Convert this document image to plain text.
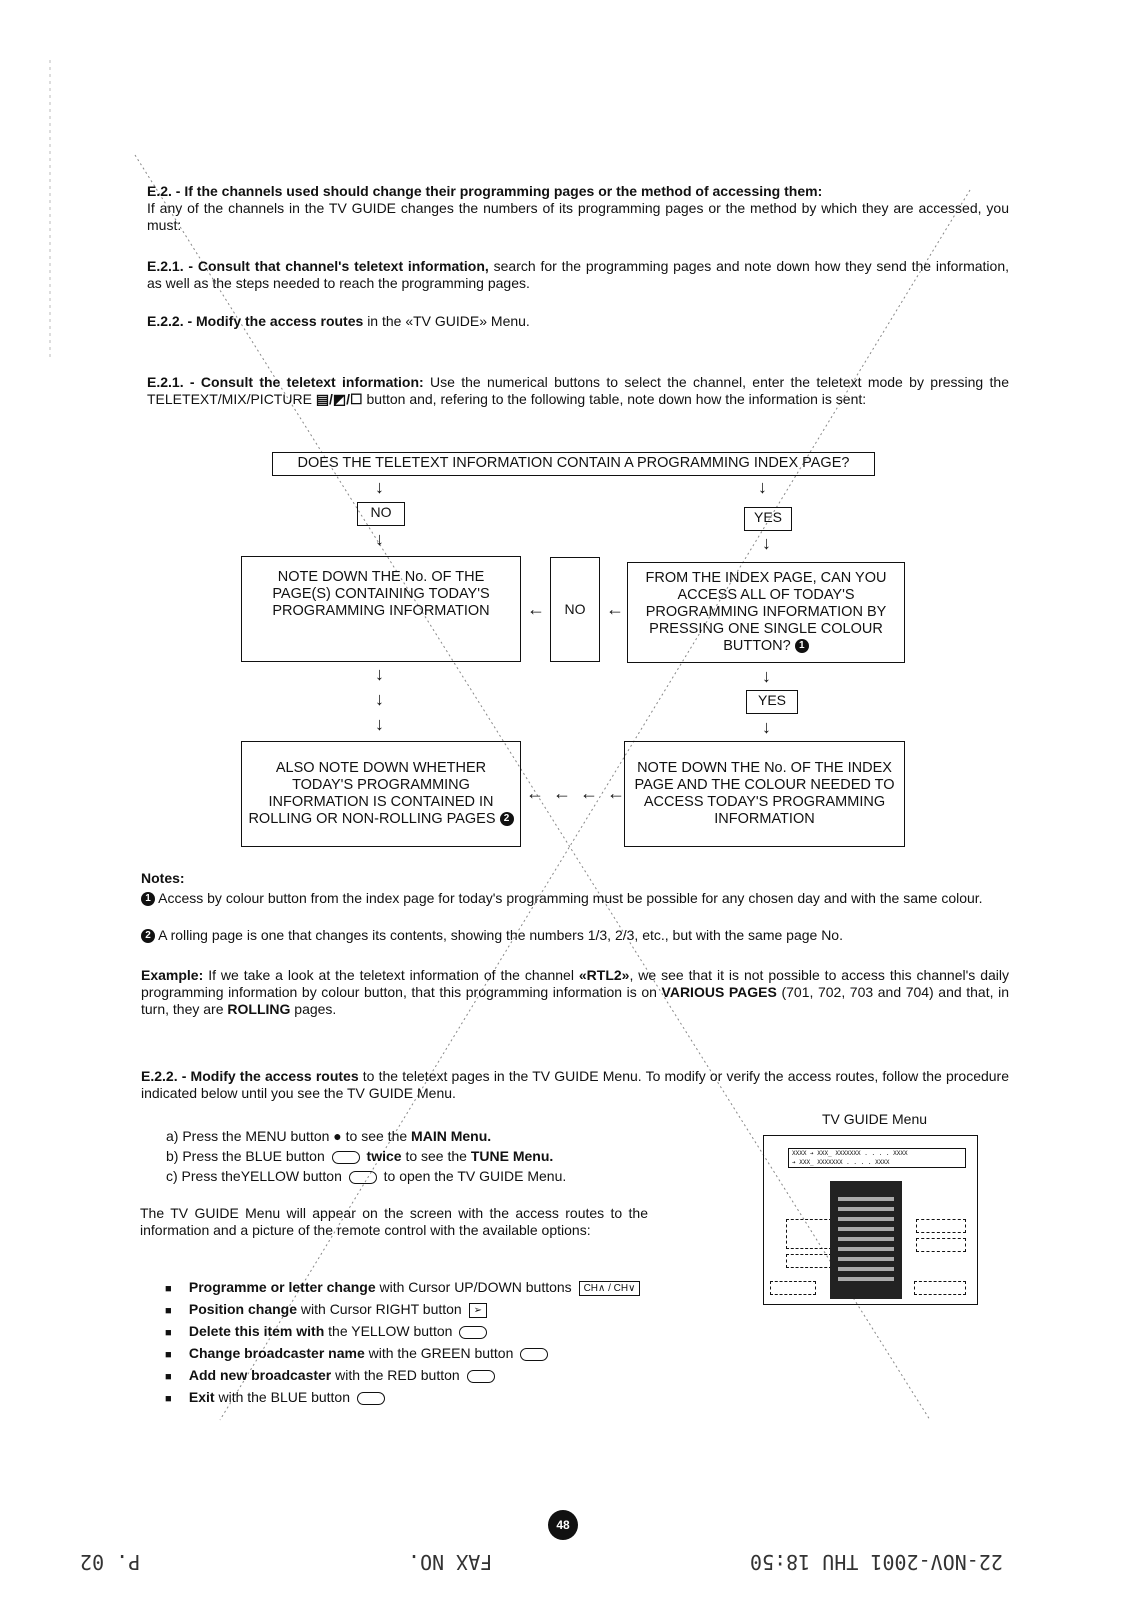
E.2. - If the channels used should change their programming pages or the method of accessing them:
If any of the channels in the TV GUIDE changes the numbers of its programming pages or the method by which they are accessed, you must:
E.2.1. - Consult that channel's teletext information, search for the programming pages and note down how they send the information, as well as the steps needed to reach the programming pages.
E.2.2. - Modify the access routes in the «TV GUIDE» Menu.
E.2.1. - Consult the teletext information: Use the numerical buttons to select the channel, enter the teletext mode by pressing the TELETEXT/MIX/PICTURE ▤/◩/☐ button and, refering to the following table, note down how the information is sent:
DOES THE TELETEXT INFORMATION CONTAIN A PROGRAMMING INDEX PAGE?
↓	↓
NO	YES
↓	↓
NOTE DOWN THE No. OF THE PAGE(S) CONTAINING TODAY'S PROGRAMMING INFORMATION	←	NO	←
FROM THE INDEX PAGE, CAN YOU ACCESS ALL OF TODAY'S PROGRAMMING INFORMATION BY PRESSING ONE SINGLE COLOUR BUTTON? 1
↓
↓
↓
↓
YES
↓
ALSO NOTE DOWN WHETHER TODAY'S PROGRAMMING INFORMATION IS CONTAINED IN ROLLING OR NON-ROLLING PAGES 2
← ← ← ←
NOTE DOWN THE No. OF THE INDEX PAGE AND THE COLOUR NEEDED TO ACCESS TODAY'S PROGRAMMING INFORMATION
Notes:
1 Access by colour button from the index page for today's programming must be possible for any chosen day and with the same colour.
2 A rolling page is one that changes its contents, showing the numbers 1/3, 2/3, etc., but with the same page No.
Example: If we take a look at the teletext information of the channel «RTL2», we see that it is not possible to access this channel's daily programming information by colour button, that this programming information is on VARIOUS PAGES (701, 702, 703 and 704) and that, in turn, they are ROLLING pages.
E.2.2. - Modify the access routes to the teletext pages in the TV GUIDE Menu. To modify or verify the access routes, follow the procedure indicated below until you see the TV GUIDE Menu.
a) Press the MENU button ● to see the MAIN Menu.
b) Press the BLUE button	twice to see the TUNE Menu.
c) Press theYELLOW button	to open the TV GUIDE Menu.
TV GUIDE Menu
XXXX ➔ XXX_ XXXXXXX . . . . XXXX
➔ XXX_ XXXXXXX . . . . XXXX
The TV GUIDE Menu will appear on the screen with the access routes to the information and a picture of the remote control with the available options:
■ Programme or letter change with Cursor UP/DOWN buttons CH∧ / CH∨
■ Position change with Cursor RIGHT button ➢
■ Delete this item with the YELLOW button
■ Change broadcaster name with the GREEN button
■ Add new broadcaster with the RED button
■ Exit with the BLUE button
48
P. 02	FAX NO.	22-NOV-2001 THU 18:50
